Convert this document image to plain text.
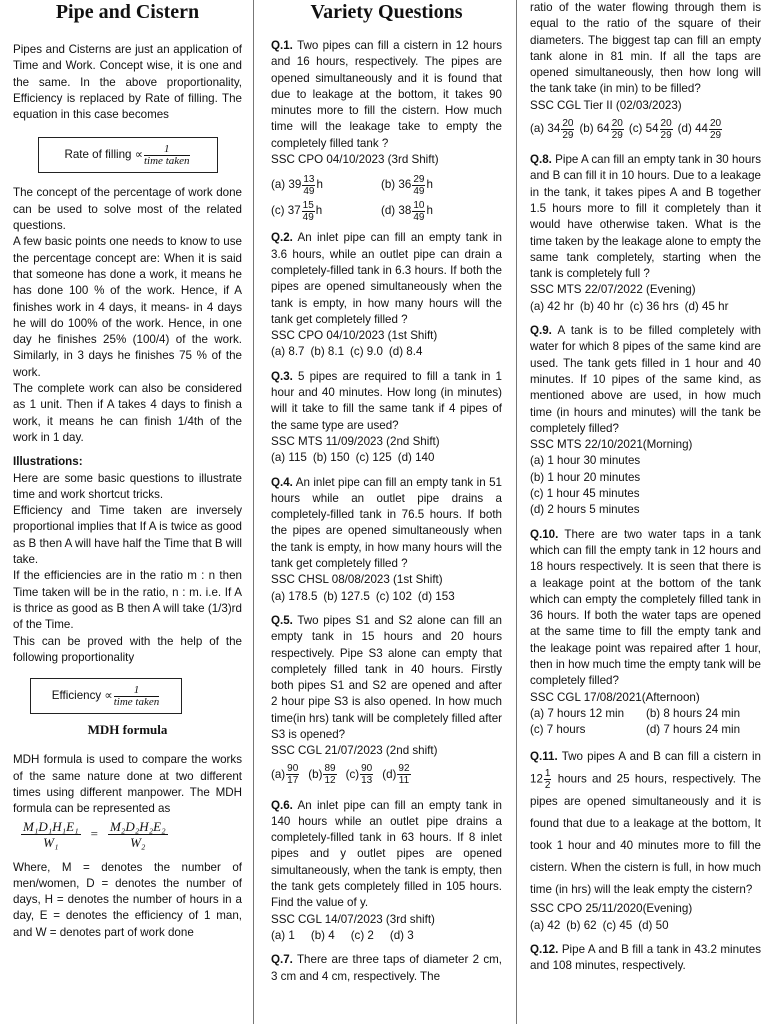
Pipe and Cistern

Pipes and Cisterns are just an application of Time and Work. Concept wise, it is one and the same. In the above proportionality, Efficiency is replaced by Rate of filling. The equation in this case becomes

Rate of filling ∝ $\frac{1}{\text{time taken}}$

The concept of the percentage of work done can be used to solve most of the related questions.

A few basic points one needs to know to use the percentage concept are: When it is said that someone has done a work, it means he has done 100 % of the work. Hence, if A finishes work in 4 days, it means- in 4 days he will do 100% of the work. Hence, in one day he finishes 25% (100/4) of the work. Similarly, in 3 days he finishes 75 % of the work.

The complete work can also be considered as 1 unit. Then if A takes 4 days to finish a work, it means he can finish 1/4th of the work in 1 day.

Illustrations:

Here are some basic questions to illustrate time and work shortcut tricks.

Efficiency and Time taken are inversely proportional implies that If A is twice as good as B then A will have half the Time that B will take.

If the efficiencies are in the ratio m : n then Time taken will be in the ratio, n : m. i.e. If A is thrice as good as B then A will take (1/3)rd of the Time.

This can be proved with the help of the following proportionality

Efficiency ∝ $\frac{1}{\text{time taken}}$

MDH formula

MDH formula is used to compare the works of the same nature done at two different times using different manpower. The MDH formula can be represented as

$\frac{\text{M₁D₁H₁E₁}}{\text{W₁}} = \frac{\text{M₂D₂H₂E₂}}{\text{W₂}}$

Where, M = denotes the number of men/women, D = denotes the number of days, H = denotes the number of hours in a day, E = denotes the efficiency of 1 man, and W = denotes part of work done

Variety Questions

Q.1. Two pipes can fill a cistern in 12 hours and 16 hours, respectively. The pipes are opened simultaneously and it is found that due to leakage at the bottom, it takes 90 minutes more to fill the cistern. How much time will the leakage take to empty the completely filled tank ?

SSC CPO 04/10/2023 (3rd Shift)

(a) $39 \frac{13}{49}$ h	(b) $36 \frac{29}{49}$ h
(c) $37 \frac{15}{49}$ h	(d) $38 \frac{10}{49}$ h

Q.2. An inlet pipe can fill an empty tank in 3.6 hours, while an outlet pipe can drain a completely-filled tank in 6.3 hours. If both the pipes are opened simultaneously when the tank is empty, in how many hours will the tank get completely filled ?

SSC CPO 04/10/2023 (1st Shift)

(a) 8.7 (b) 8.1 (c) 9.0 (d) 8.4

Q.3. 5 pipes are required to fill a tank in 1 hour and 40 minutes. How long (in minutes) will it take to fill the same tank if 4 pipes of the same type are used?

SSC MTS 11/09/2023 (2nd Shift)

(a) 115 (b) 150 (c) 125 (d) 140

Q.4. An inlet pipe can fill an empty tank in 51 hours while an outlet pipe drains a completely-filled tank in 76.5 hours. If both the pipes are opened simultaneously when the tank is empty, in how many hours will the tank get completely filled ?

SSC CHSL 08/08/2023 (1st Shift)

(a) 178.5 (b) 127.5 (c) 102 (d) 153

Q.5. Two pipes S1 and S2 alone can fill an empty tank in 15 hours and 20 hours respectively. Pipe S3 alone can empty that completely filled tank in 40 hours. Firstly both pipes S1 and S2 are opened and after 2 hour pipe S3 is also opened. In how much time(in hrs) tank will be completely filled after S3 is opened?

SSC CGL 21/07/2023 (2nd shift)

$(a) \frac{90}{17} (b) \frac{89}{12} (c) \frac{90}{13} (d) \frac{92}{11}$

Q.6. An inlet pipe can fill an empty tank in 140 hours while an outlet pipe drains a completely-filled tank in 63 hours. If 8 inlet pipes and y outlet pipes are opened simultaneously, when the tank is empty, then the tank gets completely filled in 105 hours. Find the value of y.

SSC CGL 14/07/2023 (3rd shift)

(a) 1 (b) 4 (c) 2 (d) 3

Q.7. There are three taps of diameter 2 cm, 3 cm and 4 cm, respectively. The

ratio of the water flowing through them is equal to the ratio of the square of their diameters. The biggest tap can fill an empty tank alone in 81 min. If all the taps are opened simultaneously, then how long will the tank take (in min) to be filled?

SSC CGL Tier II (02/03/2023)

(a) $34 \frac{20}{29} (b)$ $64 \frac{20}{29} (c)$ $54 \frac{20}{29} (d)$ $44 \frac{20}{29}$

Q.8. Pipe A can fill an empty tank in 30 hours and B can fill it in 10 hours. Due to a leakage in the tank, it takes pipes A and B together 1.5 hours more to fill it completely than it would have otherwise taken. What is the time taken by the leakage alone to empty the same tank completely, starting when the tank is completely full ?

SSC MTS 22/07/2022 (Evening)

(a) 42 hr (b) 40 hr (c) 36 hrs (d) 45 hr

Q.9. A tank is to be filled completely with water for which 8 pipes of the same kind are used. The tank gets filled in 1 hour and 40 minutes. If 10 pipes of the same kind, as mentioned above are used, in how much time (in hours and minutes) will the tank be completely filled?

SSC MTS 22/10/2021(Morning)

(a) 1 hour 30 minutes

(b) 1 hour 20 minutes

(c) 1 hour 45 minutes

(d) 2 hours 5 minutes

Q.10. There are two water taps in a tank which can fill the empty tank in 12 hours and 18 hours respectively. It is seen that there is a leakage point at the bottom of the tank which can empty the completely filled tank in 36 hours. If both the water taps are opened at the same time to fill the empty tank and the leakage point was repaired after 1 hour, then in how much time the empty tank will be completely filled?

SSC CGL 17/08/2021(Afternoon)

(a) 7 hours 12 min	(b) 8 hours 24 min
(c) 7 hours	(d) 7 hours 24 min

Q.11. Two pipes A and B can fill a cistern in $12 \frac{1}{2}$ hours and 25 hours, respectively. The pipes are opened simultaneously and it is found that due to a leakage at the bottom, It took 1 hour and 40 minutes more to fill the cistern. When the cistern is full, in how much time (in hrs) will the leak empty the cistern?

SSC CPO 25/11/2020(Evening)

(a) 42 (b) 62 (c) 45 (d) 50

Q.12. Pipe A and B fill a tank in 43.2 minutes and 108 minutes, respectively.
